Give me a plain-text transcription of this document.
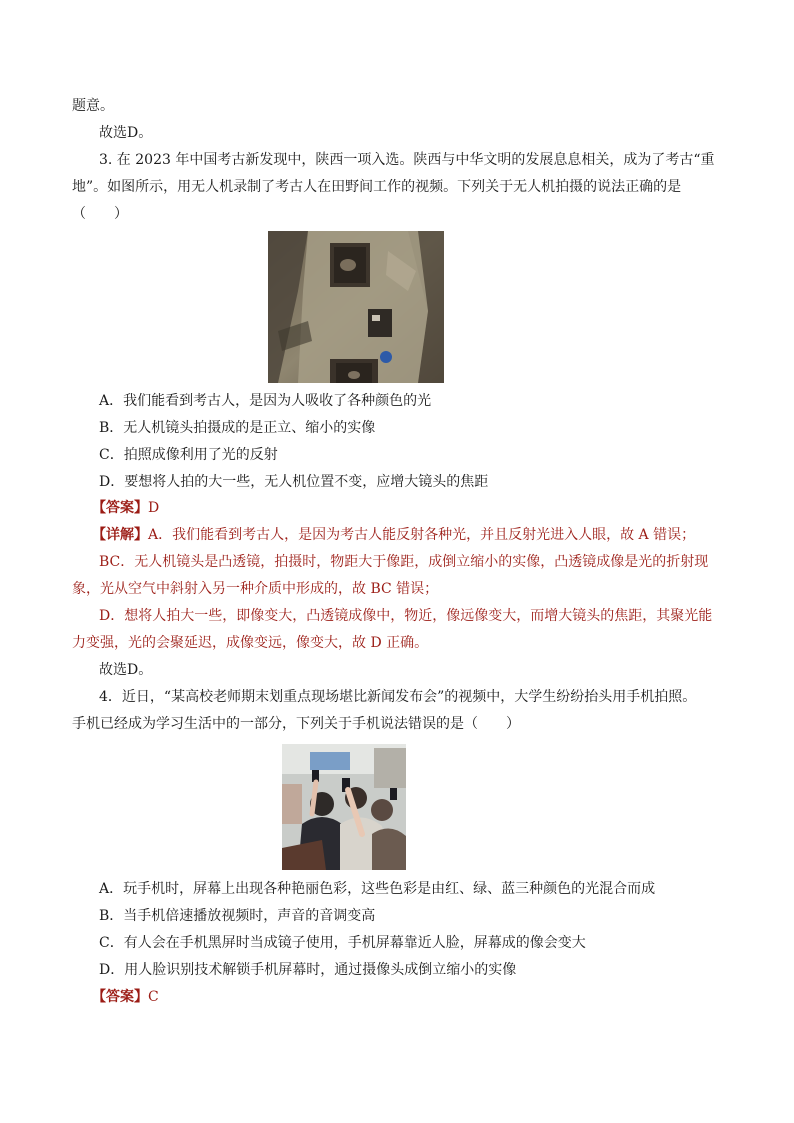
题意。
故选D。
3. 在 2023 年中国考古新发现中，陕西一项入选。陕西与中华文明的发展息息相关，成为了考古“重
地”。如图所示，用无人机录制了考古人在田野间工作的视频。下列关于无人机拍摄的说法正确的是
（　　）
A．我们能看到考古人，是因为人吸收了各种颜色的光
B．无人机镜头拍摄成的是正立、缩小的实像
C．拍照成像利用了光的反射
D．要想将人拍的大一些，无人机位置不变，应增大镜头的焦距
【答案】D
【详解】A．我们能看到考古人，是因为考古人能反射各种光，并且反射光进入人眼，故 A 错误；
BC．无人机镜头是凸透镜，拍摄时，物距大于像距，成倒立缩小的实像，凸透镜成像是光的折射现
象，光从空气中斜射入另一种介质中形成的，故 BC 错误；
D．想将人拍大一些，即像变大，凸透镜成像中，物近，像远像变大，而增大镜头的焦距，其聚光能
力变强，光的会聚延迟，成像变远，像变大，故 D 正确。
故选D。
4．近日，“某高校老师期末划重点现场堪比新闻发布会”的视频中，大学生纷纷抬头用手机拍照。
手机已经成为学习生活中的一部分，下列关于手机说法错误的是（　　）
A．玩手机时，屏幕上出现各种艳丽色彩，这些色彩是由红、绿、蓝三种颜色的光混合而成
B．当手机倍速播放视频时，声音的音调变高
C．有人会在手机黑屏时当成镜子使用，手机屏幕靠近人脸，屏幕成的像会变大
D．用人脸识别技术解锁手机屏幕时，通过摄像头成倒立缩小的实像
【答案】C
